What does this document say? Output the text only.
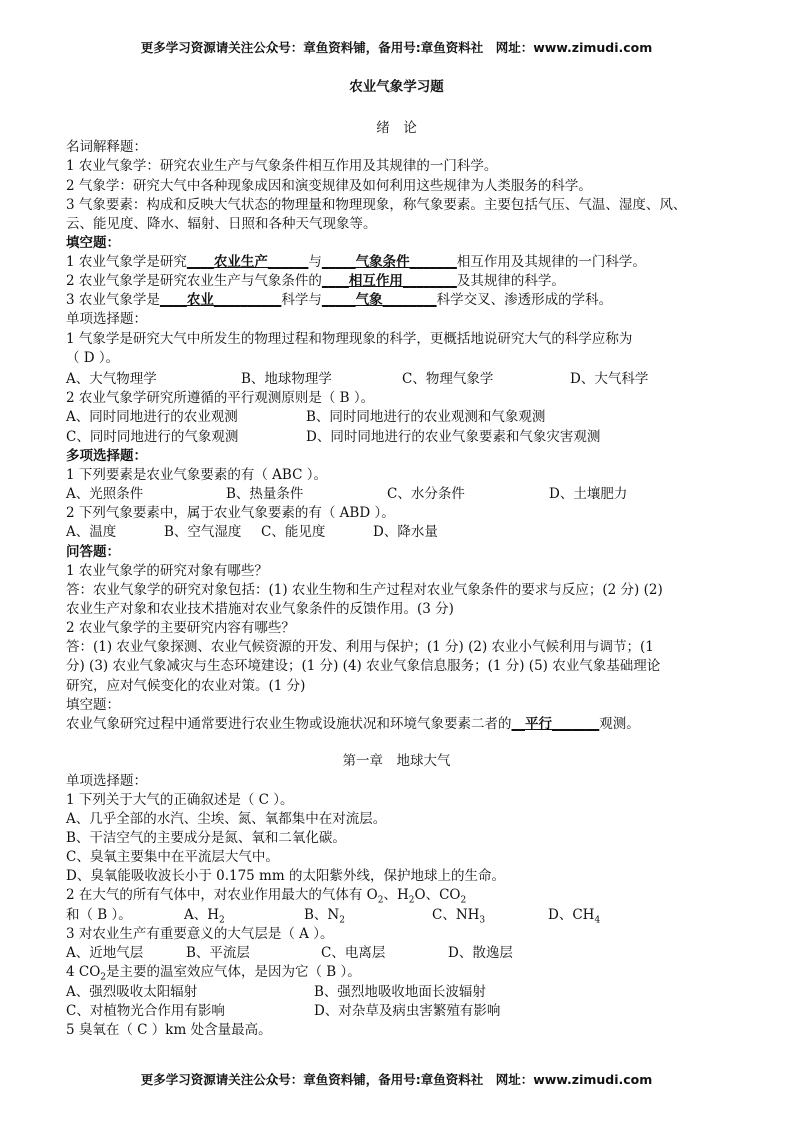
更多学习资源请关注公众号：章鱼资料铺，备用号:章鱼资料社　网址：www.zimudi.com
农业气象学习题
绪　论
名词解释题：
1 农业气象学：研究农业生产与气象条件相互作用及其规律的一门科学。
2 气象学：研究大气中各种现象成因和演变规律及如何利用这些规律为人类服务的科学。
3 气象要素：构成和反映大气状态的物理量和物理现象，称气象要素。主要包括气压、气温、湿度、风、
云、能见度、降水、辐射、日照和各种天气现象等。
填空题：
1 农业气象学是研究____农业生产______与_____气象条件_______相互作用及其规律的一门科学。
2 农业气象学是研究农业生产与气象条件的____相互作用________及其规律的科学。
3 农业气象学是____农业__________科学与_____气象________科学交叉、渗透形成的学科。
单项选择题：
1 气象学是研究大气中所发生的物理过程和物理现象的科学，更概括地说研究大气的科学应称为
（ D ）。
A、大气物理学	B、地球物理学	C、物理气象学	D、大气科学
2 农业气象学研究所遵循的平行观测原则是（ B ）。
A、同时同地进行的农业观测	B、同时同地进行的农业观测和气象观测
C、同时同地进行的气象观测	D、同时同地进行的农业气象要素和气象灾害观测
多项选择题：
1 下列要素是农业气象要素的有（ ABC ）。
A、光照条件	B、热量条件	C、水分条件	D、土壤肥力
2 下列气象要素中，属于农业气象要素的有（ ABD ）。
A、温度	B、空气湿度 C、能见度	D、降水量
问答题：
1 农业气象学的研究对象有哪些？
答：农业气象学的研究对象包括：(1) 农业生物和生产过程对农业气象条件的要求与反应；(2 分) (2)
农业生产对象和农业技术措施对农业气象条件的反馈作用。(3 分)
2 农业气象学的主要研究内容有哪些？
答：(1) 农业气象探测、农业气候资源的开发、利用与保护；(1 分) (2) 农业小气候利用与调节；(1
分) (3) 农业气象减灾与生态环境建设；(1 分) (4) 农业气象信息服务；(1 分) (5) 农业气象基础理论
研究，应对气候变化的农业对策。(1 分)
填空题：
农业气象研究过程中通常要进行农业生物或设施状况和环境气象要素二者的__平行_______观测。
第一章　地球大气
单项选择题：
1 下列关于大气的正确叙述是（ C ）。
A、几乎全部的水汽、尘埃、氮、氧都集中在对流层。
B、干洁空气的主要成分是氮、氧和二氧化碳。
C、臭氧主要集中在平流层大气中。
D、臭氧能吸收波长小于 0.175 mm 的太阳紫外线，保护地球上的生命。
2 在大气的所有气体中，对农业作用最大的气体有 $O_2$、$H_2O$、$CO_2$
和（ B ）。	A、$H_2$	B、$N_2$	C、$NH_3$	D、$CH_4$
3 对农业生产有重要意义的大气层是（ A ）。
A、近地气层	B、平流层	C、电离层	D、散逸层
4 $CO_2$是主要的温室效应气体，是因为它（ B ）。
A、强烈吸收太阳辐射	B、强烈地吸收地面长波辐射
C、对植物光合作用有影响	D、对杂草及病虫害繁殖有影响
5 臭氧在（ C ）km 处含量最高。
更多学习资源请关注公众号：章鱼资料铺，备用号:章鱼资料社　网址：www.zimudi.com
